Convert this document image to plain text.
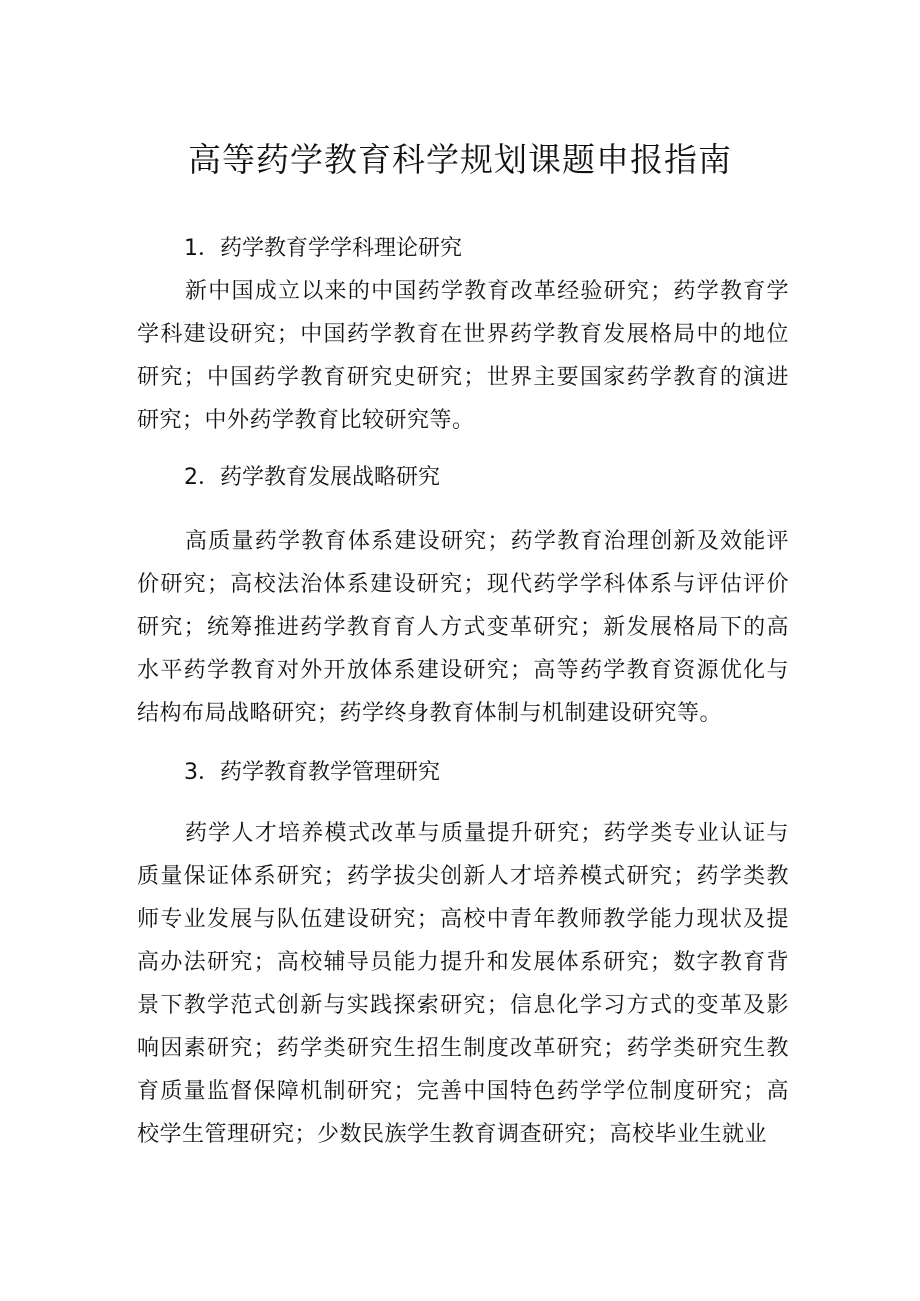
高等药学教育科学规划课题申报指南
1．药学教育学学科理论研究

新中国成立以来的中国药学教育改革经验研究；药学教育学学科建设研究；中国药学教育在世界药学教育发展格局中的地位研究；中国药学教育研究史研究；世界主要国家药学教育的演进研究；中外药学教育比较研究等。

2．药学教育发展战略研究

高质量药学教育体系建设研究；药学教育治理创新及效能评价研究；高校法治体系建设研究；现代药学学科体系与评估评价研究；统筹推进药学教育育人方式变革研究；新发展格局下的高水平药学教育对外开放体系建设研究；高等药学教育资源优化与结构布局战略研究；药学终身教育体制与机制建设研究等。

3．药学教育教学管理研究

药学人才培养模式改革与质量提升研究；药学类专业认证与质量保证体系研究；药学拔尖创新人才培养模式研究；药学类教师专业发展与队伍建设研究；高校中青年教师教学能力现状及提高办法研究；高校辅导员能力提升和发展体系研究；数字教育背景下教学范式创新与实践探索研究；信息化学习方式的变革及影响因素研究；药学类研究生招生制度改革研究；药学类研究生教育质量监督保障机制研究；完善中国特色药学学位制度研究；高校学生管理研究；少数民族学生教育调查研究；高校毕业生就业
